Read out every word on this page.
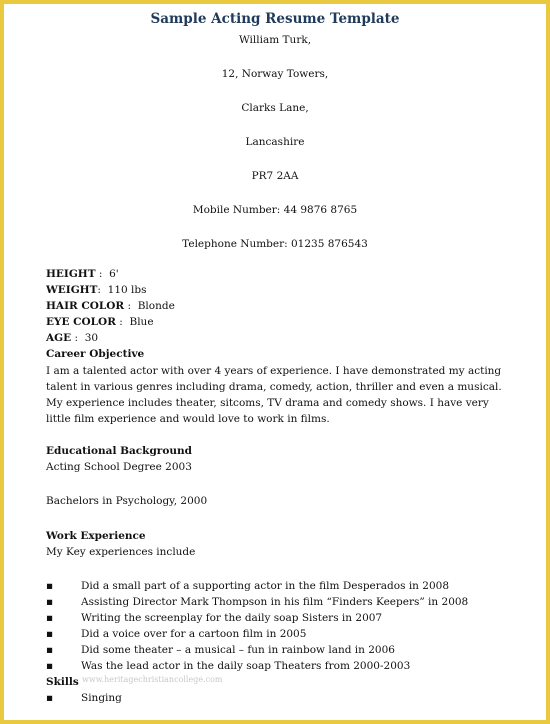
Sample Acting Resume Template
William Turk,
12, Norway Towers,
Clarks Lane,
Lancashire
PR7 2AA
Mobile Number: 44 9876 8765
Telephone Number: 01235 876543
HEIGHT :  6'
WEIGHT:  110 lbs
HAIR COLOR :  Blonde
EYE COLOR :  Blue
AGE :  30
Career Objective
I am a talented actor with over 4 years of experience. I have demonstrated my acting talent in various genres including drama, comedy, action, thriller and even a musical. My experience includes theater, sitcoms, TV drama and comedy shows. I have very little film experience and would love to work in films.
Educational Background
Acting School Degree 2003
Bachelors in Psychology, 2000
Work Experience
My Key experiences include
▪	Did a small part of a supporting actor in the film Desperados in 2008
▪	Assisting Director Mark Thompson in his film “Finders Keepers” in 2008
▪	Writing the screenplay for the daily soap Sisters in 2007
▪	Did a voice over for a cartoon film in 2005
▪	Did some theater – a musical – fun in rainbow land in 2006
▪	Was the lead actor in the daily soap Theaters from 2000-2003
www.heritagechristiancollege.com
Skills
▪	Singing
